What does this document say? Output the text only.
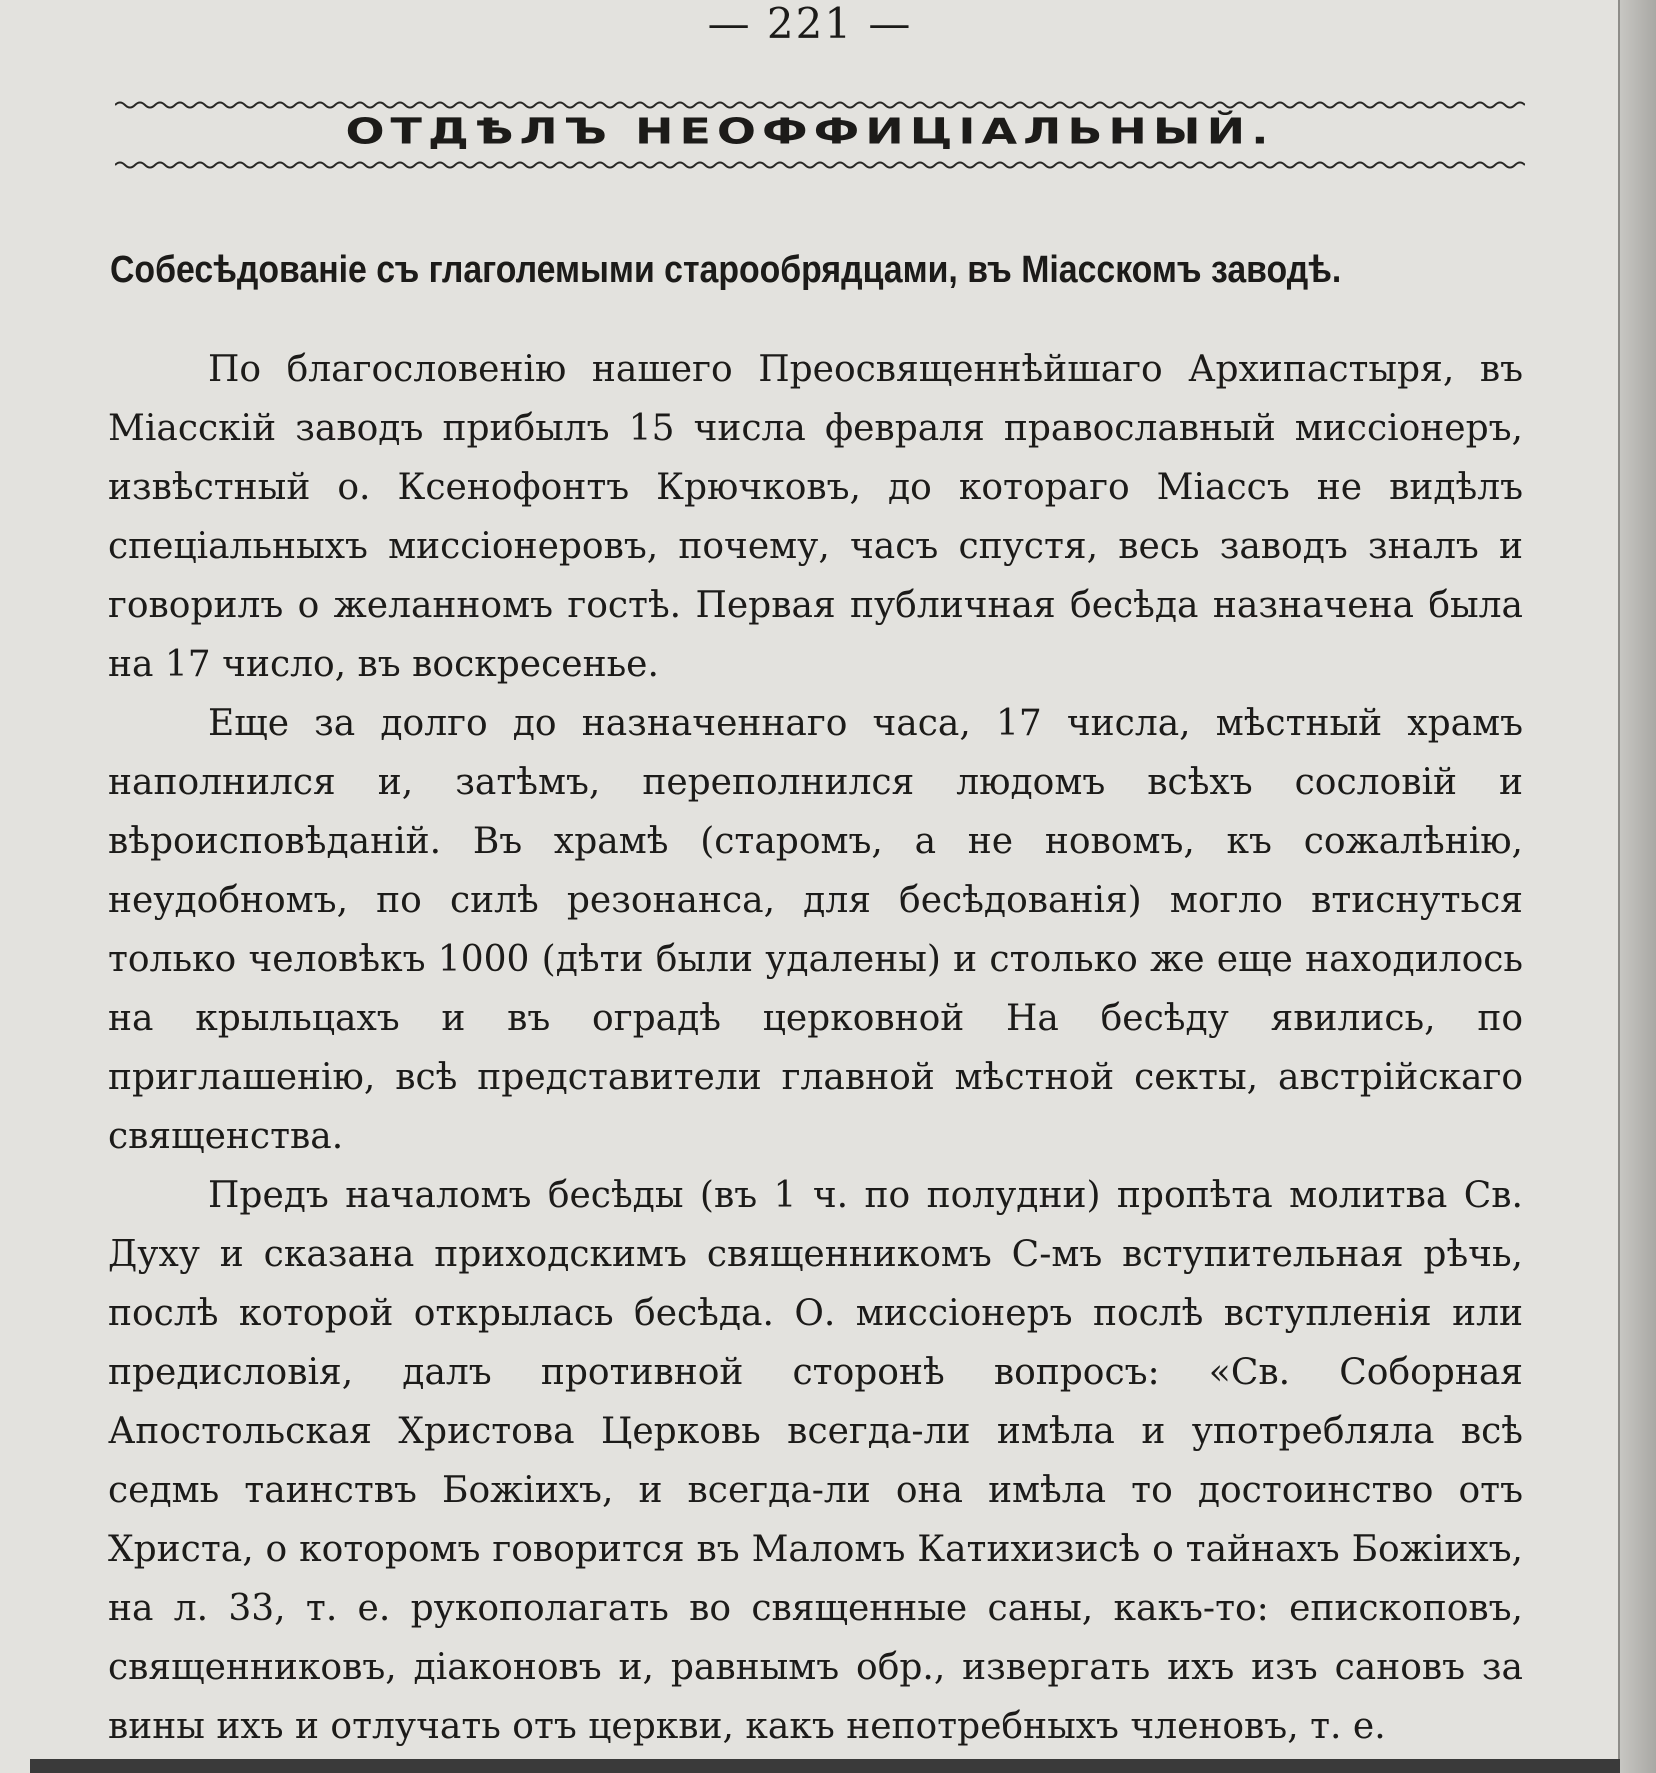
— 221 —
ОТДѢЛЪ НЕОФФИЦІАЛЬНЫЙ.
Собесѣдованіе съ глаголемыми старообрядцами, въ Міасскомъ заводѣ.

По благословенію нашего Преосвященнѣйшаго Архипастыря, въ Міасскій заводъ прибылъ 15 числа февраля православный миссіонеръ, извѣстный о. Ксенофонтъ Крючковъ, до котораго Міассъ не видѣлъ спеціальныхъ миссіонеровъ, почему, часъ спустя, весь заводъ зналъ и говорилъ о желанномъ гостѣ. Первая публичная бесѣда назначена была на 17 число, въ воскресенье.

Еще за долго до назначеннаго часа, 17 числа, мѣстный храмъ наполнился и, затѣмъ, переполнился людомъ всѣхъ сословій и вѣроисповѣданій. Въ храмѣ (старомъ, а не новомъ, къ сожалѣнію, неудобномъ, по силѣ резонанса, для бесѣдованія) могло втиснуться только человѣкъ 1000 (дѣти были удалены) и столько же еще находилось на крыльцахъ и въ оградѣ церковной На бесѣду явились, по приглашенію, всѣ представители главной мѣстной секты, австрійскаго священства.

Предъ началомъ бесѣды (въ 1 ч. по полудни) пропѣта молитва Св. Духу и сказана приходскимъ священникомъ С-мъ вступительная рѣчь, послѣ которой открылась бесѣда. О. миссіонеръ послѣ вступленія или предисловія, далъ противной сторонѣ вопросъ: «Св. Соборная Апостольская Христова Церковь всегда-ли имѣла и употребляла всѣ седмь таинствъ Божіихъ, и всегда-ли она имѣла то достоинство отъ Христа, о которомъ говорится въ Маломъ Катихизисѣ о тайнахъ Божіихъ, на л. 33, т. е. рукополагать во священные саны, какъ-то: епископовъ, священниковъ, діаконовъ и, равнымъ обр., извергать ихъ изъ сановъ за вины ихъ и отлучать отъ церкви, какъ непотребныхъ членовъ, т. е.
